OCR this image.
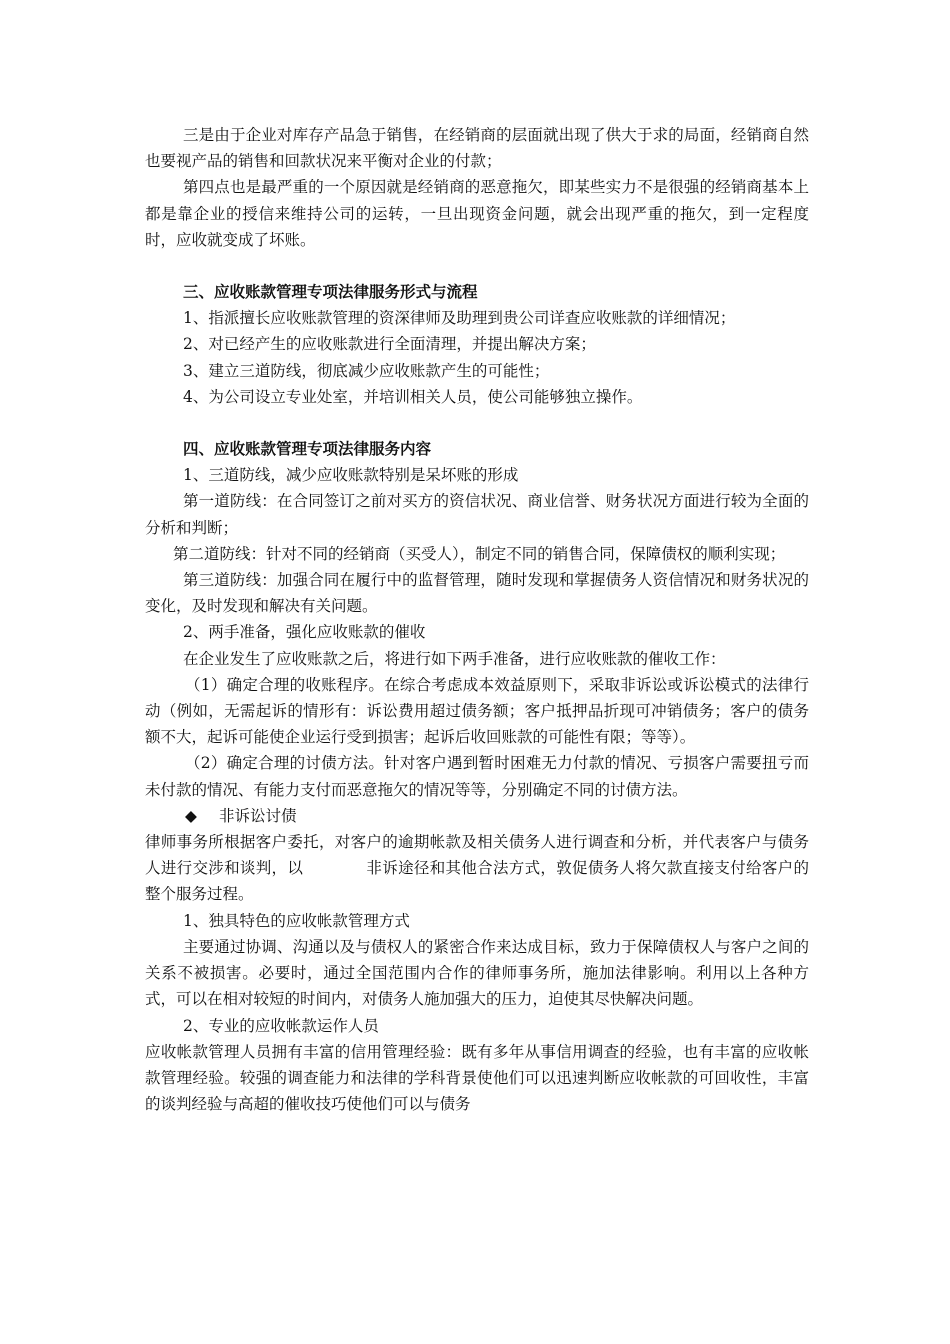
三是由于企业对库存产品急于销售，在经销商的层面就出现了供大于求的局面，经销商自然也要视产品的销售和回款状况来平衡对企业的付款；

第四点也是最严重的一个原因就是经销商的恶意拖欠，即某些实力不是很强的经销商基本上都是靠企业的授信来维持公司的运转，一旦出现资金问题，就会出现严重的拖欠，到一定程度时，应收就变成了坏账。

三、应收账款管理专项法律服务形式与流程

1、指派擅长应收账款管理的资深律师及助理到贵公司详查应收账款的详细情况；

2、对已经产生的应收账款进行全面清理，并提出解决方案；

3、建立三道防线，彻底减少应收账款产生的可能性；

4、为公司设立专业处室，并培训相关人员，使公司能够独立操作。

四、应收账款管理专项法律服务内容

1、三道防线，减少应收账款特别是呆坏账的形成

第一道防线：在合同签订之前对买方的资信状况、商业信誉、财务状况方面进行较为全面的分析和判断；

第二道防线：针对不同的经销商（买受人），制定不同的销售合同，保障债权的顺利实现；

第三道防线：加强合同在履行中的监督管理，随时发现和掌握债务人资信情况和财务状况的变化，及时发现和解决有关问题。

2、两手准备，强化应收账款的催收

在企业发生了应收账款之后，将进行如下两手准备，进行应收账款的催收工作：

（1）确定合理的收账程序。在综合考虑成本效益原则下，采取非诉讼或诉讼模式的法律行动（例如，无需起诉的情形有：诉讼费用超过债务额；客户抵押品折现可冲销债务；客户的债务额不大，起诉可能使企业运行受到损害；起诉后收回账款的可能性有限；等等）。

（2）确定合理的讨债方法。针对客户遇到暂时困难无力付款的情况、亏损客户需要扭亏而未付款的情况、有能力支付而恶意拖欠的情况等等，分别确定不同的讨债方法。

◆ 非诉讼讨债

律师事务所根据客户委托，对客户的逾期帐款及相关债务人进行调查和分析，并代表客户与债务人进行交涉和谈判，以　　　　非诉途径和其他合法方式，敦促债务人将欠款直接支付给客户的整个服务过程。

1、独具特色的应收帐款管理方式

主要通过协调、沟通以及与债权人的紧密合作来达成目标，致力于保障债权人与客户之间的关系不被损害。必要时，通过全国范围内合作的律师事务所，施加法律影响。利用以上各种方式，可以在相对较短的时间内，对债务人施加强大的压力，迫使其尽快解决问题。

2、专业的应收帐款运作人员

应收帐款管理人员拥有丰富的信用管理经验：既有多年从事信用调查的经验，也有丰富的应收帐款管理经验。较强的调查能力和法律的学科背景使他们可以迅速判断应收帐款的可回收性，丰富的谈判经验与高超的催收技巧使他们可以与债务
